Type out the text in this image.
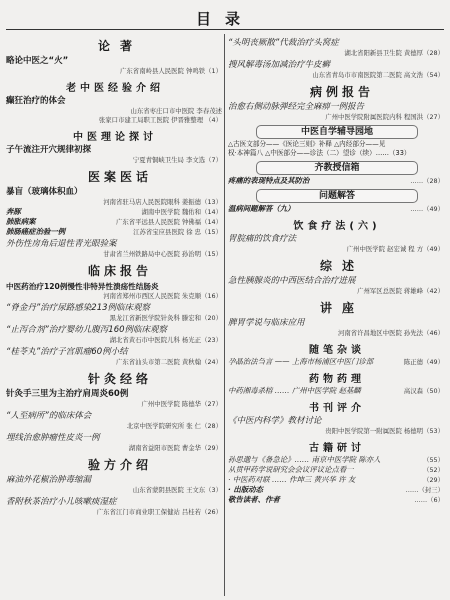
目录
论著
略论中医之“火”
广东省南岭县人民医院 钟鸣铁（1）
老中医经验介绍
癫狂治疗的体会
山东省枣庄口市中医院 李春茂述
张家口市建工局职工医院 伊晋雅整理 （4）
中医理论探讨
子午流注开穴规律初探
宁夏青铜峡卫生局 李文选（7）
医案医话
暴盲（玻璃体积血）
河南省驻马店人民医院眼科 姜振德（13）
奔豚	湖南中医学院 魏佑和（14）
肺胀病案	广东省平远县人民医院 钟佛福（14）
肺肠癌症治验一例	江苏省宝应县医院 徐 忠（15）
外伤性房角后退性青光眼验案
甘肃省兰州铁路局中心医院 孙治明（15）
临床报告
中医药治疗120例慢性非特异性溃疡性结肠炎
河南省郑州市西区人民医院 朱克顺（16）
“脊金丹”治疗尿路感染213例临床观察
黑龙江省新医学院针灸科 滕宏和（20）
“止泻合剂”治疗婴幼儿腹泻160例临床观察
湖北省黄石市中医院儿科 杨光正（23）
“桂苓丸”治疗子宫肌瘤60例小结
广东省汕头市第二医院 黄秋翰（24）
针灸经络
针灸手三里为主治疗肩周炎60例
广州中医学院 陈德华（27）
“人至病所”的临床体会
北京中医学院研究所 张 仁（28）
埋线治愈肿瘤性皮炎一例
湖南省益阳市医院 曹金华（29）
验方介绍
麻油外花椒治肿毒缩漏
山东省蒙阴县医院 王文东（3）
香附秋茶治疗小儿咳嗽痰湿症
广东省江门市商业职工保健站 吕桂若（26）
“头明丧厥散”代裁治疗头窝症
湖北省阳新县卫生院 黄德厚（28）
搜风解毒汤加减治疗牛皮癣
山东省青岛市市南医院第二医院 高文浩（54）
病例报告
治愈右侧动脉弹经完全麻痹一例报告
广州中医学院附属医院内科 程国洪（27）
中医自学辅导园地
△古医文部分——《医论三则》补释 △内经部分——见
权·本神篇八 △中医部分——诊法（二）望诊（续）……（33）
齐教授信箱
疼痛的表现特点及其防治	……（28）
问题解答
温病间题解答（九）	……（49）
饮食疗法(六)
胃脘痛的饮食疗法
广州中医学院 赵宏诚 程 方（49）
综述
急性胰腺炎的中西医结合治疗进展
广州军区总医院 蒋雄峰（42）
讲座
脾胃学说与临床应用
河南省许昌地区中医院 孙先法（46）
随笔杂谈
孕晶治法刍言 —— 上海市杨浦区中医门诊部	陈正德（49）
药物药理
中药湘毒杀榕 …… 广州中医学院 赵基麟	高汉森（50）
书刊评介
《中医内科学》教材讨论
贵阳中医学院第一附属医院 杨德明（53）
古籍研讨
孙思邈与《备急论》…… 南京中医学院 陈亦人	（55）
从贯甲药学说研究会会议评议论点看一	（52）
· 中医药对联 …… 作坤三 黄兴华 许 友	（29）
· 出版动态	……（封三）
敬告读者、作者	……（6）
